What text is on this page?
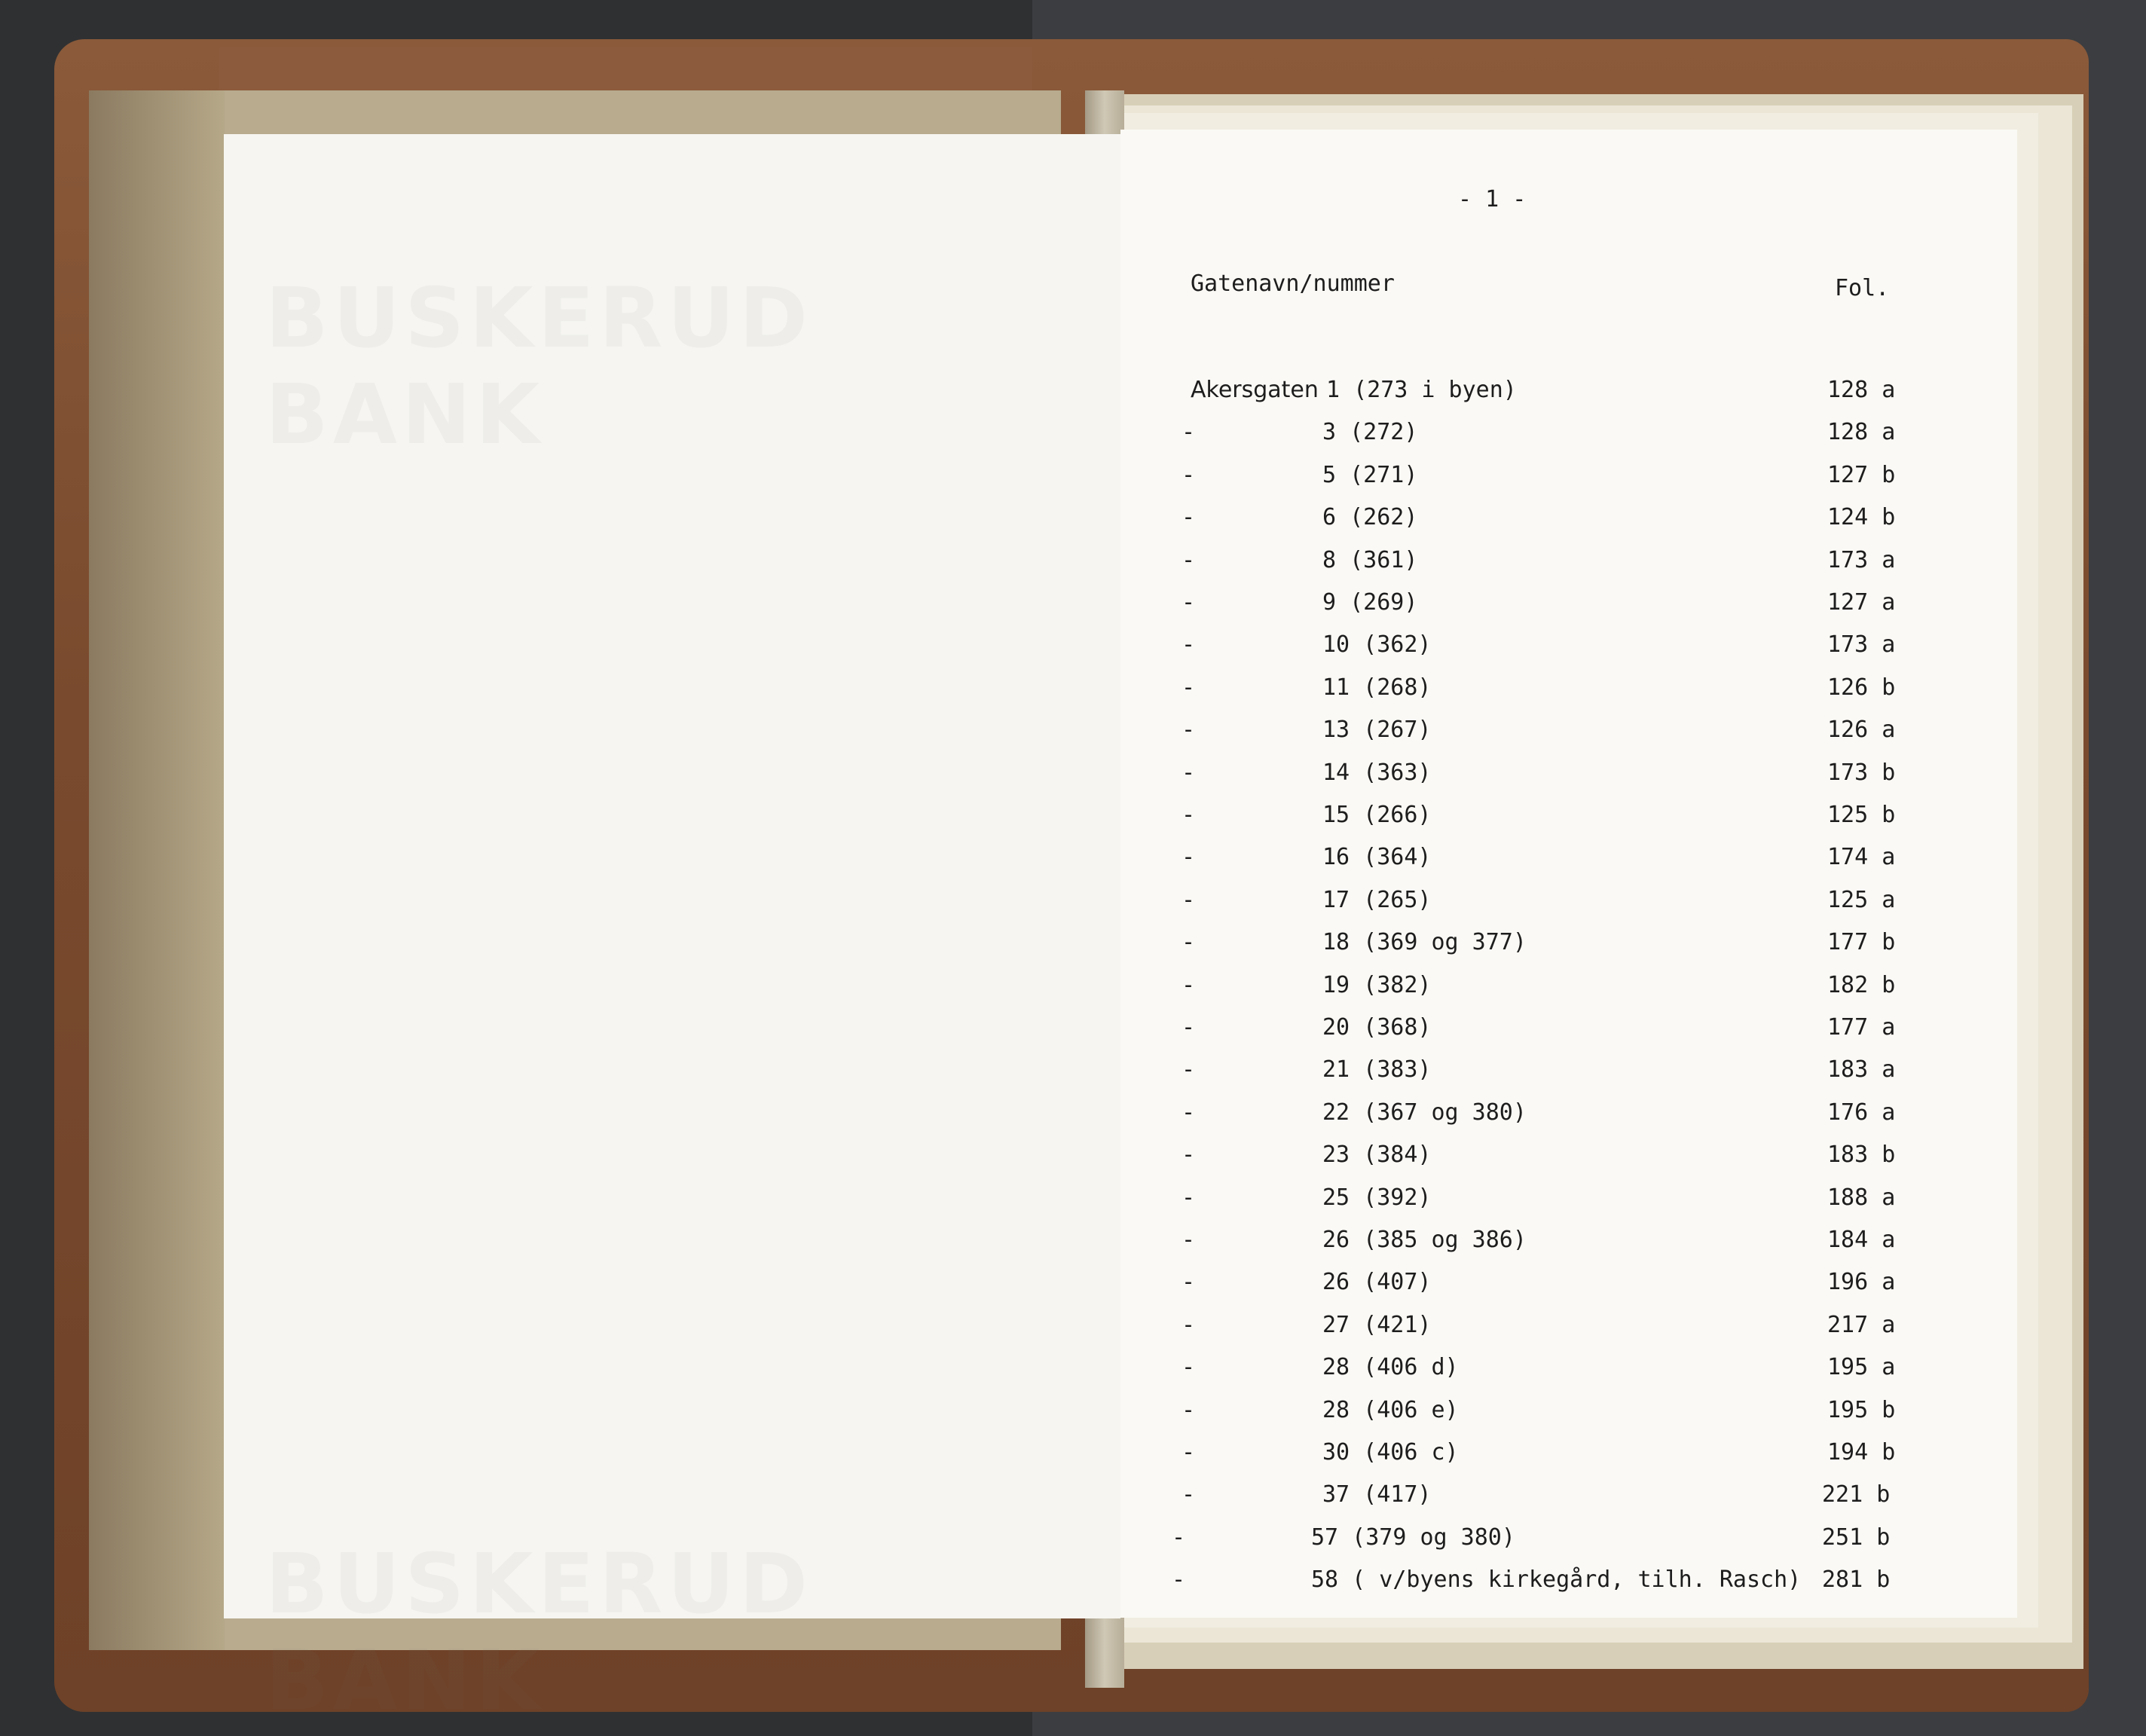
BUSKERUD BANK
BUSKERUD BANK
- 1 -
Gatenavn/nummer	Fol.
Akersgaten 1 (273 i byen)	128 a
-	3 (272)	128 a
-	5 (271)	127 b
-	6 (262)	124 b
-	8 (361)	173 a
-	9 (269)	127 a
-	10 (362)	173 a
-	11 (268)	126 b
-	13 (267)	126 a
-	14 (363)	173 b
-	15 (266)	125 b
-	16 (364)	174 a
-	17 (265)	125 a
-	18 (369 og 377)	177 b
-	19 (382)	182 b
-	20 (368)	177 a
-	21 (383)	183 a
-	22 (367 og 380)	176 a
-	23 (384)	183 b
-	25 (392)	188 a
-	26 (385 og 386)	184 a
-	26 (407)	196 a
-	27 (421)	217 a
-	28 (406 d)	195 a
-	28 (406 e)	195 b
-	30 (406 c)	194 b
-	37 (417)	221 b
-	57 (379 og 380)	251 b
-	58 ( v/byens kirkegård, tilh. Rasch) 281 b
